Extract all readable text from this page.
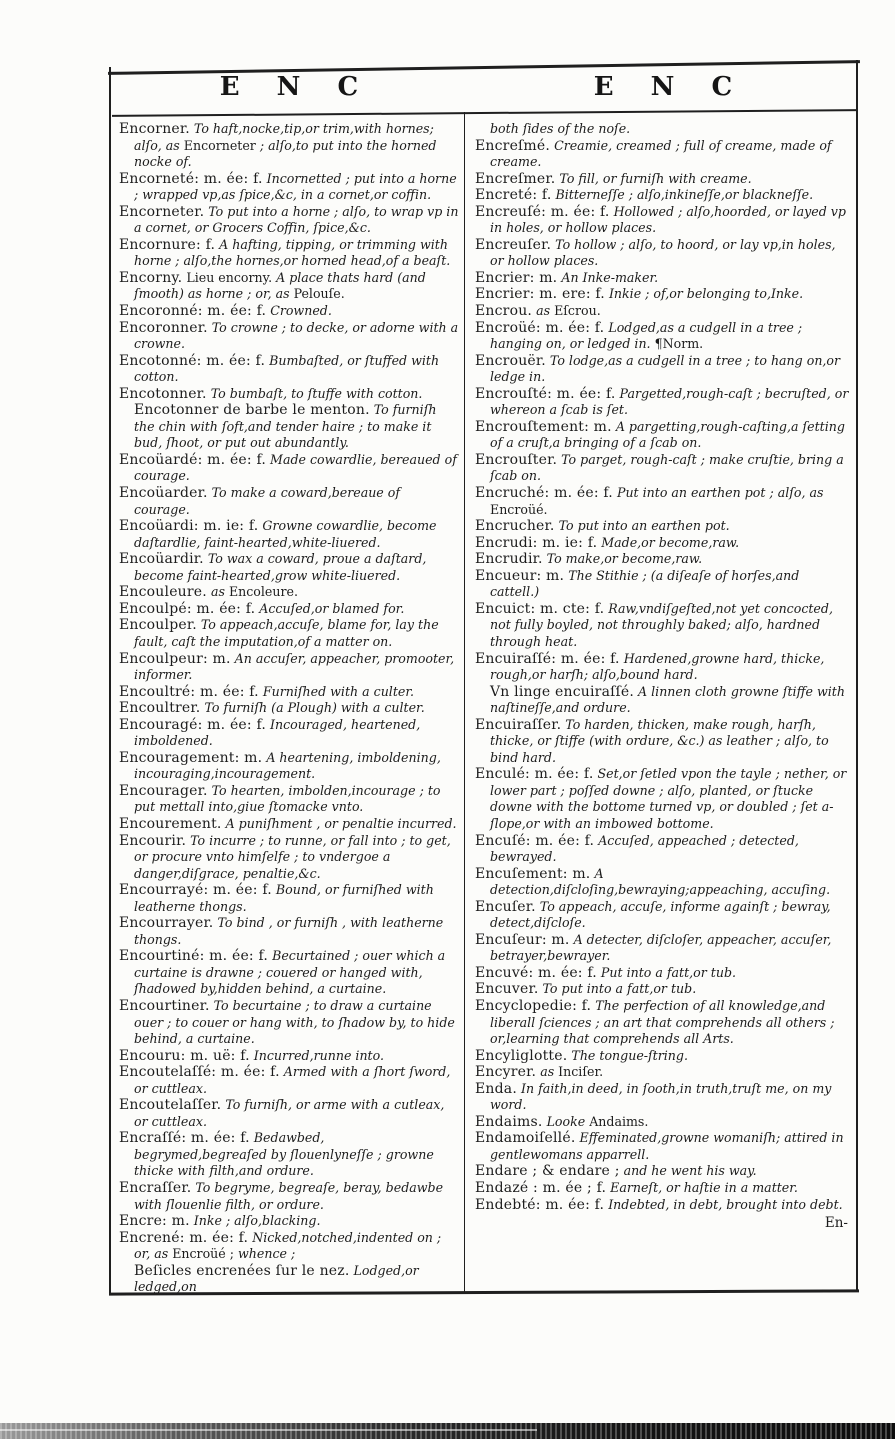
E N C	E N C

Encorner. To haft,nocke,tip,or trim,with hornes; alſo, as Encorneter ; alſo,to put into the horned nocke of.

Encorneté: m. ée: f. Incornetted ; put into a horne ; wrapped vp,as ſpice,&c, in a cornet,or coffin.

Encorneter. To put into a horne ; alſo, to wrap vp in a cornet, or Grocers Coffin, ſpice,&c.

Encornure: f. A hafting, tipping, or trimming with horne ; alſo,the hornes,or horned head,of a beaſt.

Encorny. Lieu encorny. A place thats hard (and ſmooth) as horne ; or, as Pelouſe.

Encoronné: m. ée: f. Crowned.

Encoronner. To crowne ; to decke, or adorne with a crowne.

Encotonné: m. ée: f. Bumbaſted, or ſtuffed with cotton.

Encotonner. To bumbaſt, to ſtuffe with cotton.

Encotonner de barbe le menton. To furniſh the chin with ſoft,and tender haire ; to make it bud, ſhoot, or put out abundantly.

Encoüardé: m. ée: f. Made cowardlie, bereaued of courage.

Encoüarder. To make a coward,bereaue of courage.

Encoüardi: m. ie: f. Growne cowardlie, become daſtardlie, faint-hearted,white-liuered.

Encoüardir. To wax a coward, proue a daſtard, become faint-hearted,grow white-liuered.

Encouleure. as Encoleure.

Encoulpé: m. ée: f. Accuſed,or blamed for.

Encoulper. To appeach,accuſe, blame for, lay the fault, caſt the imputation,of a matter on.

Encoulpeur: m. An accuſer, appeacher, promooter, informer.

Encoultré: m. ée: f. Furniſhed with a culter.

Encoultrer. To furniſh (a Plough) with a culter.

Encouragé: m. ée: f. Incouraged, heartened, imboldened.

Encouragement: m. A heartening, imboldening, incouraging,incouragement.

Encourager. To hearten, imbolden,incourage ; to put mettall into,giue ſtomacke vnto.

Encourement. A puniſhment , or penaltie incurred.

Encourir. To incurre ; to runne, or fall into ; to get, or procure vnto himſelfe ; to vndergoe a danger,diſgrace, penaltie,&c.

Encourrayé: m. ée: f. Bound, or furniſhed with leatherne thongs.

Encourrayer. To bind , or furniſh , with leatherne thongs.

Encourtiné: m. ée: f. Becurtained ; ouer which a curtaine is drawne ; couered or hanged with, ſhadowed by,hidden behind, a curtaine.

Encourtiner. To becurtaine ; to draw a curtaine ouer ; to couer or hang with, to ſhadow by, to hide behind, a curtaine.

Encouru: m. uë: f. Incurred,runne into.

Encoutelaſſé: m. ée: f. Armed with a ſhort ſword, or cuttleax.

Encoutelaſſer. To furniſh, or arme with a cutleax, or cuttleax.

Encraſſé: m. ée: f. Bedawbed, begrymed,begreaſed by ſlouenlyneſſe ; growne thicke with filth,and ordure.

Encraſſer. To begryme, begreaſe, beray, bedawbe with ſlouenlie filth, or ordure.

Encre: m. Inke ; alſo,blacking.

Encrené: m. ée: f. Nicked,notched,indented on ; or, as Encroüé ; whence ;

Beſicles encrenées ſur le nez. Lodged,or ledged,on

both ſides of the noſe.

Encreſmé. Creamie, creamed ; full of creame, made of creame.

Encreſmer. To fill, or furniſh with creame.

Encreté: f. Bitterneſſe ; alſo,inkineſſe,or blackneſſe.

Encreuſé: m. ée: f. Hollowed ; alſo,hoorded, or layed vp in holes, or hollow places.

Encreuſer. To hollow ; alſo, to hoord, or lay vp,in holes, or hollow places.

Encrier: m. An Inke-maker.

Encrier: m. ere: f. Inkie ; of,or belonging to,Inke.

Encrou. as Eſcrou.

Encroüé: m. ée: f. Lodged,as a cudgell in a tree ; hanging on, or ledged in. ¶Norm.

Encrouër. To lodge,as a cudgell in a tree ; to hang on,or ledge in.

Encrouſté: m. ée: f. Pargetted,rough-caſt ; becruſted, or whereon a ſcab is ſet.

Encrouſtement: m. A pargetting,rough-caſting,a ſetting of a cruſt,a bringing of a ſcab on.

Encrouſter. To parget, rough-caſt ; make cruſtie, bring a ſcab on.

Encruché: m. ée: f. Put into an earthen pot ; alſo, as Encroüé.

Encrucher. To put into an earthen pot.

Encrudi: m. ie: f. Made,or become,raw.

Encrudir. To make,or become,raw.

Encueur: m. The Stithie ; (a diſeaſe of horſes,and cattell.)

Encuict: m. cte: f. Raw,vndiſgeſted,not yet concocted, not fully boyled, not throughly baked; alſo, hardned through heat.

Encuiraſſé: m. ée: f. Hardened,growne hard, thicke, rough,or harſh; alſo,bound hard.

Vn linge encuiraſſé. A linnen cloth growne ſtiffe with naſtineſſe,and ordure.

Encuiraſſer. To harden, thicken, make rough, harſh, thicke, or ſtiffe (with ordure, &c.) as leather ; alſo, to bind hard.

Enculé: m. ée: f. Set,or ſetled vpon the tayle ; nether, or lower part ; poſſed downe ; alſo, planted, or ſtucke downe with the bottome turned vp, or doubled ; ſet a-ſlope,or with an imbowed bottome.

Encuſé: m. ée: f. Accuſed, appeached ; detected, bewrayed.

Encuſement: m. A detection,diſcloſing,bewraying;appeaching, accuſing.

Encuſer. To appeach, accuſe, informe againſt ; bewray, detect,diſcloſe.

Encuſeur: m. A detecter, diſcloſer, appeacher, accuſer, betrayer,bewrayer.

Encuvé: m. ée: f. Put into a fatt,or tub.

Encuver. To put into a fatt,or tub.

Encyclopedie: f. The perfection of all knowledge,and liberall ſciences ; an art that comprehends all others ; or,learning that comprehends all Arts.

Encyliglotte. The tongue-ſtring.

Encyrer. as Inciſer.

Enda. In faith,in deed, in ſooth,in truth,truſt me, on my word.

Endaims. Looke Andaims.

Endamoiſellé. Effeminated,growne womaniſh; attired in gentlewomans apparrell.

Endare ; & endare ; and he went his way.

Endazé : m. ée ; f. Earneſt, or haſtie in a matter.

Endebté: m. ée: f. Indebted, in debt, brought into debt.

En-
